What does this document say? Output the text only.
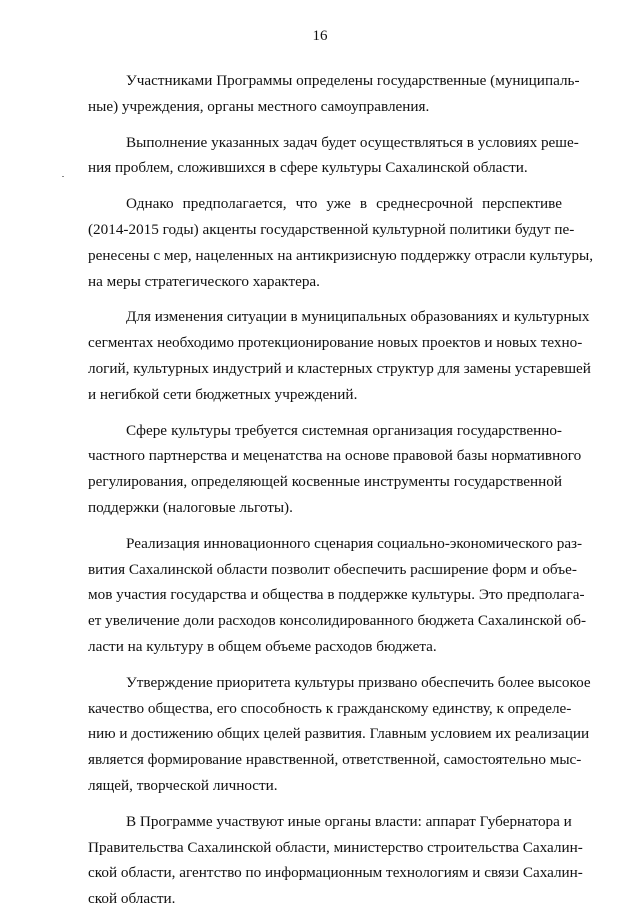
16
Участниками Программы определены государственные (муниципаль-
ные) учреждения, органы местного самоуправления.
Выполнение указанных задач будет осуществляться в условиях реше-
ния проблем, сложившихся в сфере культуры Сахалинской области.
Однако предполагается, что уже в среднесрочной перспективе
(2014-2015 годы) акценты государственной культурной политики будут пе-
ренесены с мер, нацеленных на антикризисную поддержку отрасли культуры,
на меры стратегического характера.
Для изменения ситуации в муниципальных образованиях и культурных
сегментах необходимо протекционирование новых проектов и новых техно-
логий, культурных индустрий и кластерных структур для замены устаревшей
и негибкой сети бюджетных учреждений.
Сфере культуры требуется системная организация государственно-
частного партнерства и меценатства на основе правовой базы нормативного
регулирования, определяющей косвенные инструменты государственной
поддержки (налоговые льготы).
Реализация инновационного сценария социально-экономического раз-
вития Сахалинской области позволит обеспечить расширение форм и объе-
мов участия государства и общества в поддержке культуры. Это предполага-
ет увеличение доли расходов консолидированного бюджета Сахалинской об-
ласти на культуру в общем объеме расходов бюджета.
Утверждение приоритета культуры призвано обеспечить более высокое
качество общества, его способность к гражданскому единству, к определе-
нию и достижению общих целей развития. Главным условием их реализации
является формирование нравственной, ответственной, самостоятельно мыс-
лящей, творческой личности.
В Программе участвуют иные органы власти: аппарат Губернатора и
Правительства Сахалинской области, министерство строительства Сахалин-
ской области, агентство по информационным технологиям и связи Сахалин-
ской области.
